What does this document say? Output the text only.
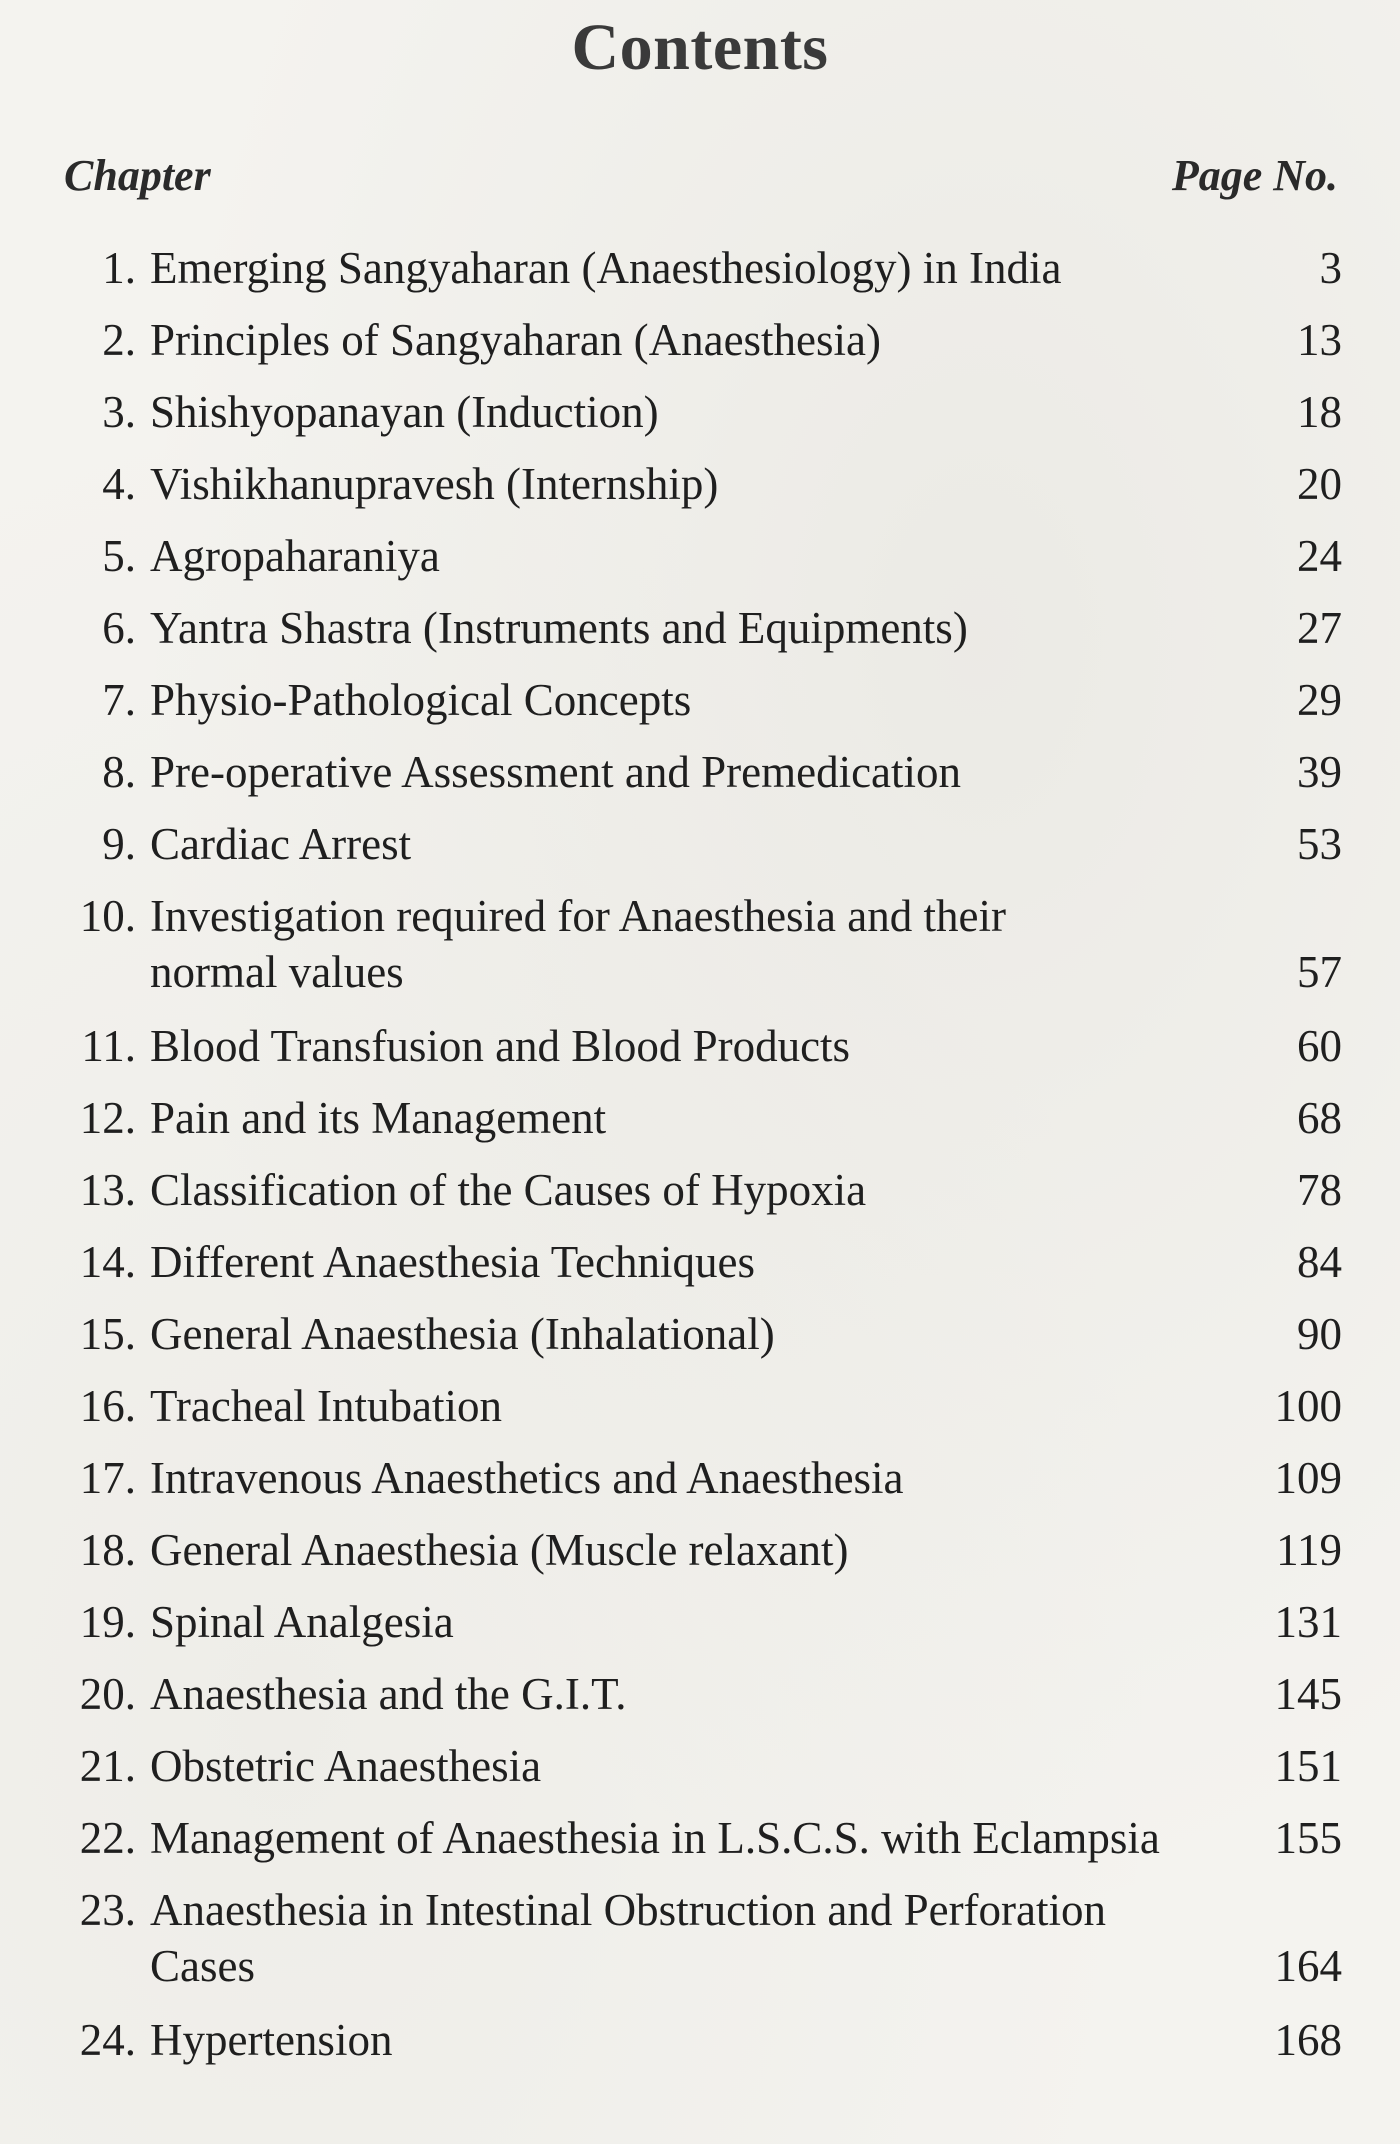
Contents
Chapter	Page No.
1. Emerging Sangyaharan (Anaesthesiology) in India	3
2. Principles of Sangyaharan (Anaesthesia)	13
3. Shishyopanayan (Induction)	18
4. Vishikhanupravesh (Internship)	20
5. Agropaharaniya	24
6. Yantra Shastra (Instruments and Equipments)	27
7. Physio-Pathological Concepts	29
8. Pre-operative Assessment and Premedication	39
9. Cardiac Arrest	53
10. Investigation required for Anaesthesia and their
normal values	57
11. Blood Transfusion and Blood Products	60
12. Pain and its Management	68
13. Classification of the Causes of Hypoxia	78
14. Different Anaesthesia Techniques	84
15. General Anaesthesia (Inhalational)	90
16. Tracheal Intubation	100
17. Intravenous Anaesthetics and Anaesthesia	109
18. General Anaesthesia (Muscle relaxant)	119
19. Spinal Analgesia	131
20. Anaesthesia and the G.I.T.	145
21. Obstetric Anaesthesia	151
22. Management of Anaesthesia in L.S.C.S. with Eclampsia	155
23. Anaesthesia in Intestinal Obstruction and Perforation
Cases	164
24. Hypertension	168
